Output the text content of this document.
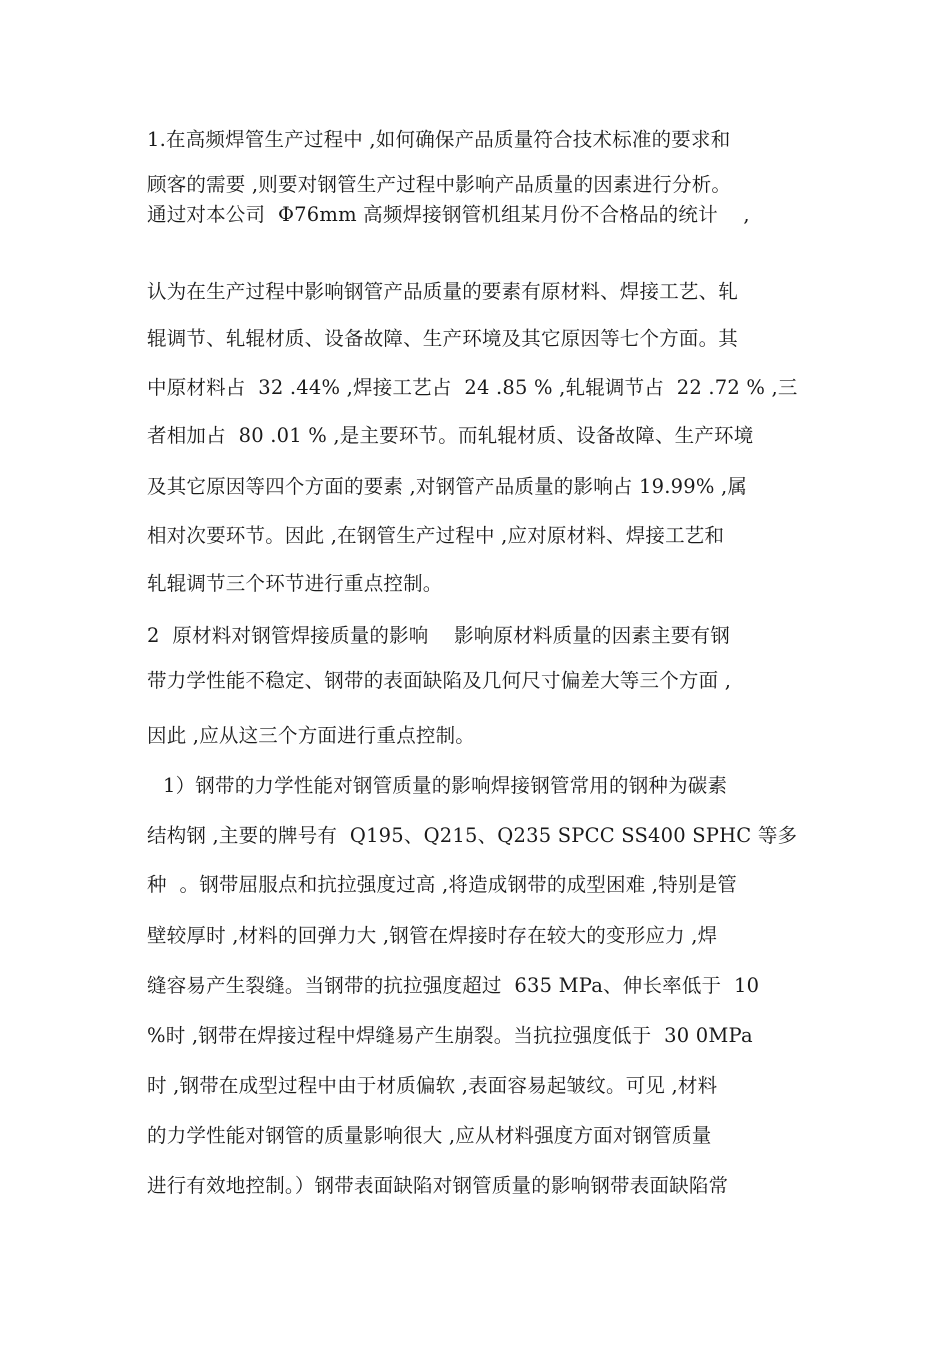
1.在高频焊管生产过程中 ,如何确保产品质量符合技术标准的要求和
顾客的需要 ,则要对钢管生产过程中影响产品质量的因素进行分析。
通过对本公司  Φ76mm 高频焊接钢管机组某月份不合格品的统计    ,
认为在生产过程中影响钢管产品质量的要素有原材料、焊接工艺、轧
辊调节、轧辊材质、设备故障、生产环境及其它原因等七个方面。其
中原材料占  32 .44% ,焊接工艺占  24 .85 % ,轧辊调节占  22 .72 % ,三
者相加占  80 .01 % ,是主要环节。而轧辊材质、设备故障、生产环境
及其它原因等四个方面的要素 ,对钢管产品质量的影响占 19.99% ,属
相对次要环节。因此 ,在钢管生产过程中 ,应对原材料、焊接工艺和
轧辊调节三个环节进行重点控制。
2  原材料对钢管焊接质量的影响    影响原材料质量的因素主要有钢
带力学性能不稳定、钢带的表面缺陷及几何尺寸偏差大等三个方面 ,
因此 ,应从这三个方面进行重点控制。
1）钢带的力学性能对钢管质量的影响焊接钢管常用的钢种为碳素
结构钢 ,主要的牌号有  Q195、Q215、Q235 SPCC SS400 SPHC 等多
种  。钢带屈服点和抗拉强度过高 ,将造成钢带的成型困难 ,特别是管
壁较厚时 ,材料的回弹力大 ,钢管在焊接时存在较大的变形应力 ,焊
缝容易产生裂缝。当钢带的抗拉强度超过  635 MPa、伸长率低于  10
%时 ,钢带在焊接过程中焊缝易产生崩裂。当抗拉强度低于  30 0MPa
时 ,钢带在成型过程中由于材质偏软 ,表面容易起皱纹。可见 ,材料
的力学性能对钢管的质量影响很大 ,应从材料强度方面对钢管质量
进行有效地控制。）钢带表面缺陷对钢管质量的影响钢带表面缺陷常
